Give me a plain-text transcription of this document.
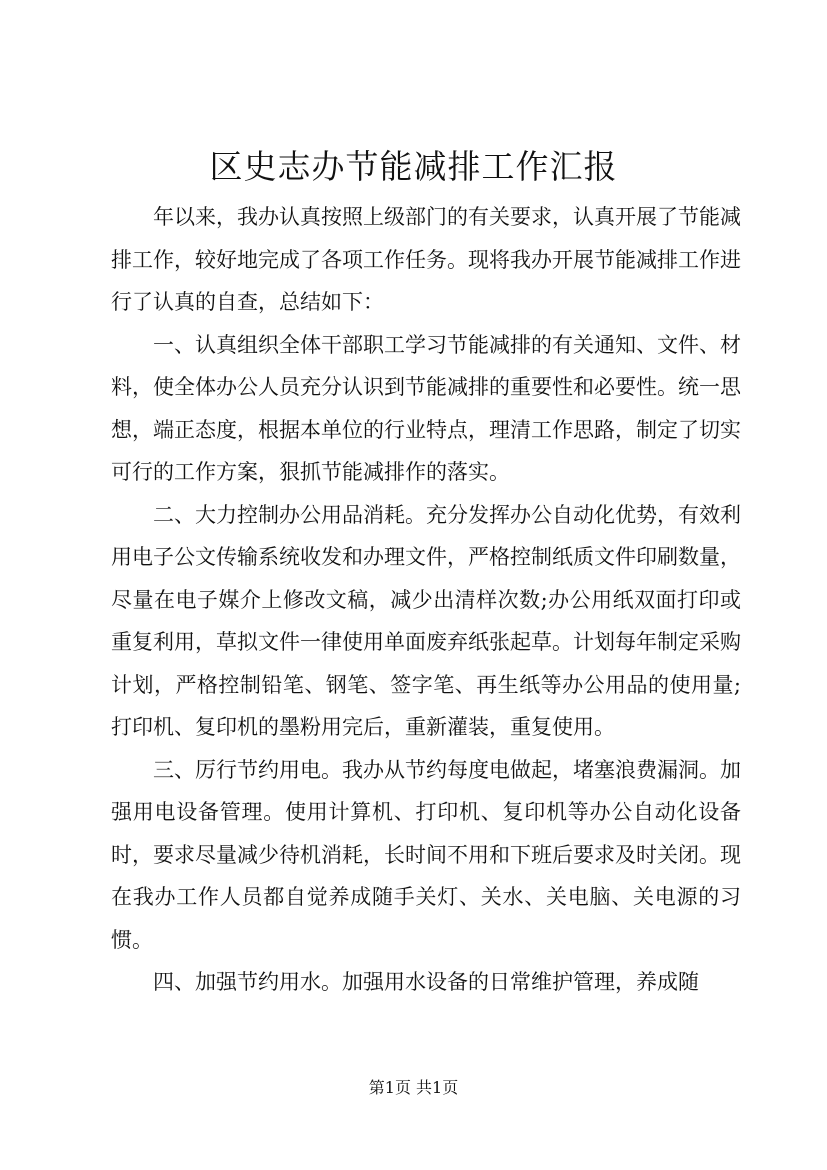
区史志办节能减排工作汇报

年以来，我办认真按照上级部门的有关要求，认真开展了节能减排工作，较好地完成了各项工作任务。现将我办开展节能减排工作进行了认真的自查，总结如下：

一、认真组织全体干部职工学习节能减排的有关通知、文件、材料，使全体办公人员充分认识到节能减排的重要性和必要性。统一思想，端正态度，根据本单位的行业特点，理清工作思路，制定了切实可行的工作方案，狠抓节能减排作的落实。

二、大力控制办公用品消耗。充分发挥办公自动化优势，有效利用电子公文传输系统收发和办理文件，严格控制纸质文件印刷数量，尽量在电子媒介上修改文稿，减少出清样次数;办公用纸双面打印或重复利用，草拟文件一律使用单面废弃纸张起草。计划每年制定采购计划，严格控制铅笔、钢笔、签字笔、再生纸等办公用品的使用量;打印机、复印机的墨粉用完后，重新灌装，重复使用。

三、厉行节约用电。我办从节约每度电做起，堵塞浪费漏洞。加强用电设备管理。使用计算机、打印机、复印机等办公自动化设备时，要求尽量减少待机消耗，长时间不用和下班后要求及时关闭。现在我办工作人员都自觉养成随手关灯、关水、关电脑、关电源的习惯。

四、加强节约用水。加强用水设备的日常维护管理，养成随

第1页 共1页
